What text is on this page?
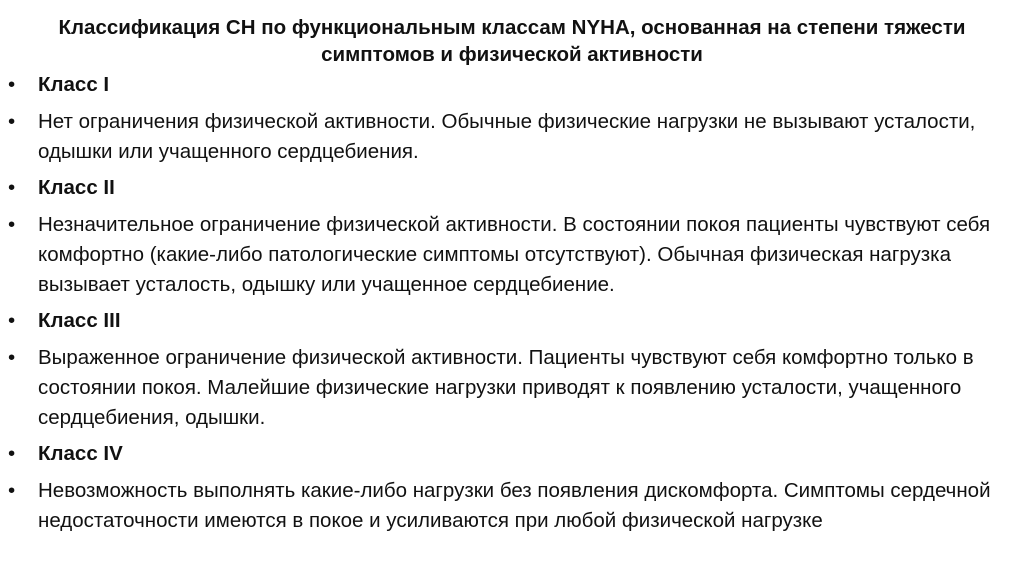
Классификация СН по функциональным классам NYHA, основанная на степени тяжести симптомов и физической активности
•	Класс I
•	Нет ограничения физической активности. Обычные физические нагрузки не вызывают усталости, одышки или учащенного сердцебиения.
•	Класс II
•	Незначительное ограничение физической активности. В состоянии покоя пациенты чувствуют себя комфортно (какие-либо патологические симптомы отсутствуют). Обычная физическая нагрузка вызывает усталость, одышку или учащенное сердцебиение.
•	Класс III
•	Выраженное ограничение физической активности. Пациенты чувствуют себя комфортно только в состоянии покоя. Малейшие физические нагрузки приводят к появлению усталости, учащенного сердцебиения, одышки.
•	Класс IV
•	Невозможность выполнять какие-либо нагрузки без появления дискомфорта. Симптомы сердечной недостаточности имеются в покое и усиливаются при любой физической нагрузке
